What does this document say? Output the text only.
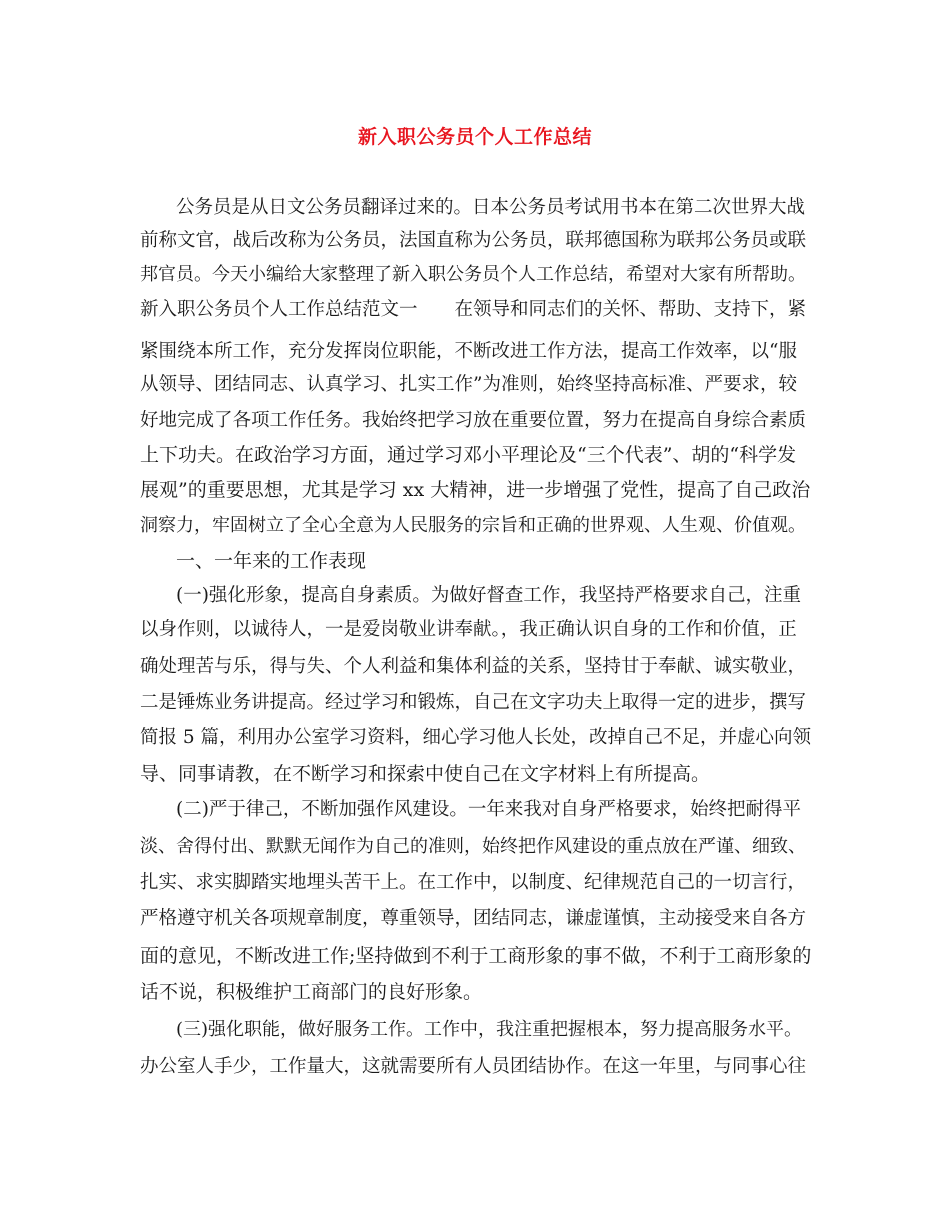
新入职公务员个人工作总结
公务员是从日文公务员翻译过来的。日本公务员考试用书本在第二次世界大战
前称文官，战后改称为公务员，法国直称为公务员，联邦德国称为联邦公务员或联
邦官员。今天小编给大家整理了新入职公务员个人工作总结，希望对大家有所帮助。
新入职公务员个人工作总结范文一　　在领导和同志们的关怀、帮助、支持下，紧
紧围绕本所工作，充分发挥岗位职能，不断改进工作方法，提高工作效率，以“服
从领导、团结同志、认真学习、扎实工作”为准则，始终坚持高标准、严要求，较
好地完成了各项工作任务。我始终把学习放在重要位置，努力在提高自身综合素质
上下功夫。在政治学习方面，通过学习邓小平理论及“三个代表”、胡的“科学发
展观”的重要思想，尤其是学习 xx 大精神，进一步增强了党性，提高了自己政治
洞察力，牢固树立了全心全意为人民服务的宗旨和正确的世界观、人生观、价值观。
一、一年来的工作表现
(一)强化形象，提高自身素质。为做好督查工作，我坚持严格要求自己，注重
以身作则，以诚待人，一是爱岗敬业讲奉献。，我正确认识自身的工作和价值，正
确处理苦与乐，得与失、个人利益和集体利益的关系，坚持甘于奉献、诚实敬业，
二是锤炼业务讲提高。经过学习和锻炼，自己在文字功夫上取得一定的进步，撰写
简报 5 篇，利用办公室学习资料，细心学习他人长处，改掉自己不足，并虚心向领
导、同事请教，在不断学习和探索中使自己在文字材料上有所提高。
(二)严于律己，不断加强作风建设。一年来我对自身严格要求，始终把耐得平
淡、舍得付出、默默无闻作为自己的准则，始终把作风建设的重点放在严谨、细致、
扎实、求实脚踏实地埋头苦干上。在工作中，以制度、纪律规范自己的一切言行，
严格遵守机关各项规章制度，尊重领导，团结同志，谦虚谨慎，主动接受来自各方
面的意见，不断改进工作;坚持做到不利于工商形象的事不做，不利于工商形象的
话不说，积极维护工商部门的良好形象。
(三)强化职能，做好服务工作。工作中，我注重把握根本，努力提高服务水平。
办公室人手少，工作量大，这就需要所有人员团结协作。在这一年里，与同事心往
